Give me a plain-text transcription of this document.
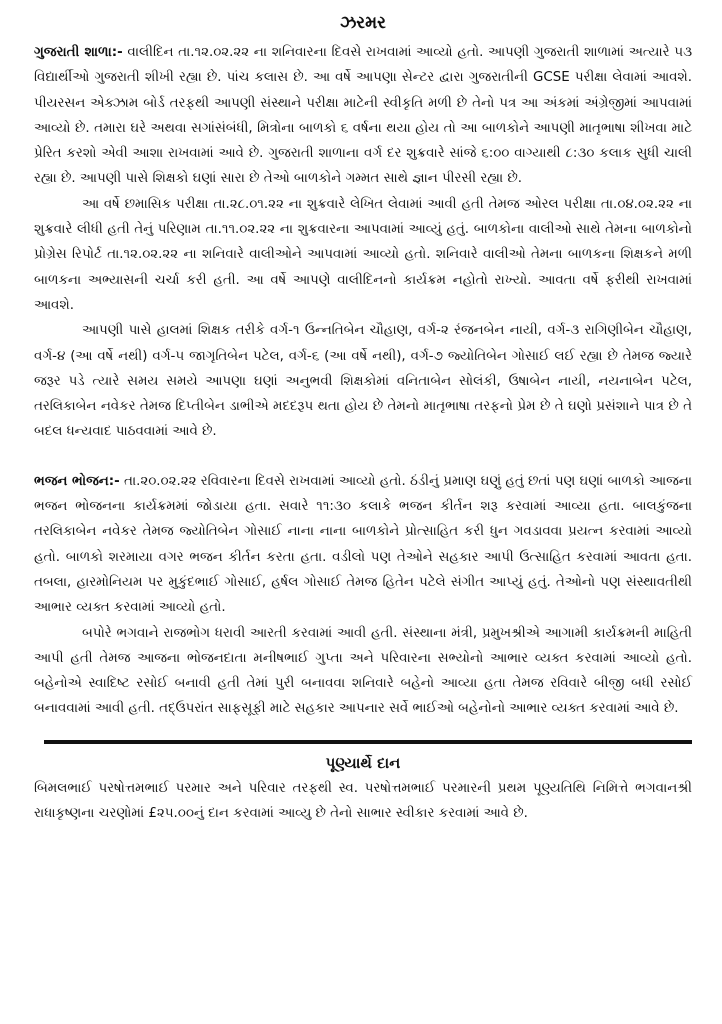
ઝરમર

ગુજરાતી શાળા:- વાલીદિન તા.૧૨.૦૨.૨૨ ના શનિવારના દિવસે રાખવામાં આવ્યો હતો. આપણી ગુજરાતી શાળામાં અત્યારે ૫૩ વિદ્યાર્થીઓ ગુજરાતી શીખી રહ્યા છે. પાંચ કલાસ છે. આ વર્ષે આપણા સેન્ટર દ્વારા ગુજરાતીની GCSE પરીક્ષા લેવામાં આવશે. પીયરસન એક્ઝામ બોર્ડ તરફથી આપણી સંસ્થાને પરીક્ષા માટેની સ્વીકૃતિ મળી છે તેનો પત્ર આ અંકમાં અંગ્રેજીમાં આપવામાં આવ્યો છે. તમારા ઘરે અથવા સગાંસંબંધી, મિત્રોના બાળકો ૬ વર્ષના થયા હોય તો આ બાળકોને આપણી માતૃભાષા શીખવા માટે પ્રેરિત કરશો એવી આશા રાખવામાં આવે છે. ગુજરાતી શાળાના વર્ગ દર શુક્રવારે સાંજે ૬:૦૦ વાગ્યાથી ૮:૩૦ કલાક સુધી ચાલી રહ્યા છે. આપણી પાસે શિક્ષકો ઘણાં સારા છે તેઓ બાળકોને ગમ્મત સાથે જ્ઞાન પીરસી રહ્યા છે.

આ વર્ષે છમાસિક પરીક્ષા તા.૨૮.૦૧.૨૨ ના શુક્રવારે લેખિત લેવામાં આવી હતી તેમજ ઓરલ પરીક્ષા તા.૦૪.૦૨.૨૨ ના શુક્રવારે લીધી હતી તેનું પરિણામ તા.૧૧.૦૨.૨૨ ના શુક્રવારના આપવામાં આવ્યું હતું. બાળકોના વાલીઓ સાથે તેમના બાળકોનો પ્રોગ્રેસ રિપોર્ટ તા.૧૨.૦૨.૨૨ ના શનિવારે વાલીઓને આપવામાં આવ્યો હતો. શનિવારે વાલીઓ તેમના બાળકના શિક્ષકને મળી બાળકના અભ્યાસની ચર્ચા કરી હતી. આ વર્ષે આપણે વાલીદિનનો કાર્યક્રમ નહોતો રાખ્યો. આવતા વર્ષે ફરીથી રાખવામાં આવશે.

આપણી પાસે હાલમાં શિક્ષક તરીકે વર્ગ-૧ ઉન્નતિબેન ચૌહાણ, વર્ગ-૨ રંજનબેન નાયી, વર્ગ-૩ રાગિણીબેન ચૌહાણ, વર્ગ-૪ (આ વર્ષે નથી) વર્ગ-૫ જાગૃતિબેન પટેલ, વર્ગ-૬ (આ વર્ષે નથી), વર્ગ-૭ જ્યોતિબેન ગોસાઈ લઈ રહ્યા છે તેમજ જ્યારે જરૂર પડે ત્યારે સમય સમયે આપણા ઘણાં અનુભવી શિક્ષકોમાં વનિતાબેન સોલંકી, ઉષાબેન નાયી, નયનાબેન પટેલ, તરલિકાબેન નવેકર તેમજ દિપ્તીબેન ડાભીએ મદદરૂપ થતા હોય છે તેમનો માતૃભાષા તરફનો પ્રેમ છે તે ઘણો પ્રસંશાને પાત્ર છે તે બદલ ધન્યવાદ પાઠવવામાં આવે છે.

ભજન ભોજન:- તા.૨૦.૦૨.૨૨ રવિવારના દિવસે રાખવામાં આવ્યો હતો. ઠંડીનું પ્રમાણ ઘણું હતું છતાં પણ ઘણાં બાળકો આજના ભજન ભોજનના કાર્યક્રમમાં જોડાયા હતા. સવારે ૧૧:૩૦ કલાકે ભજન કીર્તન શરૂ કરવામાં આવ્યા હતા. બાલકુંજના તરલિકાબેન નવેકર તેમજ જ્યોતિબેન ગોસાઈ નાના નાના બાળકોને પ્રોત્સાહિત કરી ધુન ગવડાવવા પ્રયત્ન કરવામાં આવ્યો હતો. બાળકો શરમાયા વગર ભજન કીર્તન કરતા હતા. વડીલો પણ તેઓને સહકાર આપી ઉત્સાહિત કરવામાં આવતા હતા. તબલા, હારમોનિયમ પર મુકુંદભાઈ ગોસાઈ, હર્ષલ ગોસાઈ તેમજ હિતેન પટેલે સંગીત આપ્યું હતું. તેઓનો પણ સંસ્થાવતીથી આભાર વ્યક્ત કરવામાં આવ્યો હતો.

બપોરે ભગવાને રાજભોગ ધરાવી આરતી કરવામાં આવી હતી. સંસ્થાના મંત્રી, પ્રમુખશ્રીએ આગામી કાર્યક્રમની માહિતી આપી હતી તેમજ આજના ભોજનદાતા મનીષભાઈ ગુપ્તા અને પરિવારના સભ્યોનો આભાર વ્યક્ત કરવામાં આવ્યો હતો. બહેનોએ સ્વાદિષ્ટ રસોઈ બનાવી હતી તેમાં પુરી બનાવવા શનિવારે બહેનો આવ્યા હતા તેમજ રવિવારે બીજી બધી રસોઈ બનાવવામાં આવી હતી. તદ્ઉપરાંત સાફસૂફી માટે સહકાર આપનાર સર્વે ભાઈઓ બહેનોનો આભાર વ્યક્ત કરવામાં આવે છે.

પૂણ્યાર્થે દાન

બિમલભાઈ પરષોત્તમભાઈ પરમાર અને પરિવાર તરફથી સ્વ. પરષોત્તમભાઈ પરમારની પ્રથમ પૂણ્યતિથિ નિમિત્તે ભગવાનશ્રી રાધાકૃષ્ણના ચરણોમાં £૨૫.૦૦નું દાન કરવામાં આવ્યુ છે તેનો સાભાર સ્વીકાર કરવામાં આવે છે.
